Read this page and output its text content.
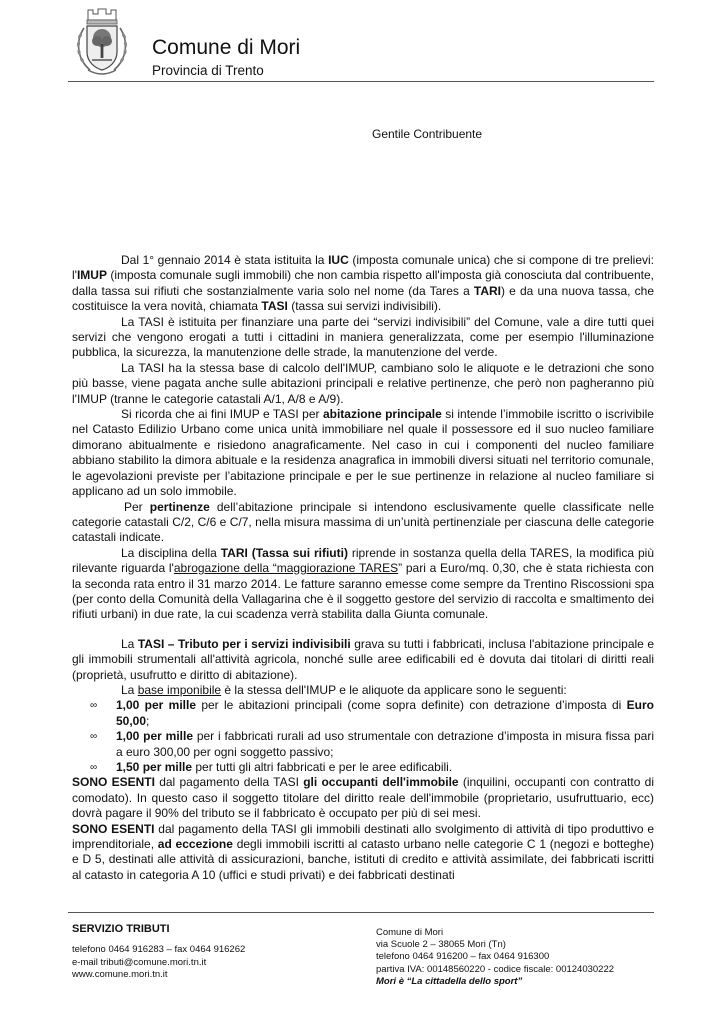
Comune di Mori
Provincia di Trento
Gentile Contribuente

Dal 1° gennaio 2014 è stata istituita la IUC (imposta comunale unica) che si compone di tre prelievi: l'IMUP (imposta comunale sugli immobili) che non cambia rispetto all'imposta già conosciuta dal contribuente, dalla tassa sui rifiuti che sostanzialmente varia solo nel nome (da Tares a TARI) e da una nuova tassa, che costituisce la vera novità, chiamata TASI (tassa sui servizi indivisibili).

La TASI è istituita per finanziare una parte dei “servizi indivisibili” del Comune, vale a dire tutti quei servizi che vengono erogati a tutti i cittadini in maniera generalizzata, come per esempio l'illuminazione pubblica, la sicurezza, la manutenzione delle strade, la manutenzione del verde.

La TASI ha la stessa base di calcolo dell'IMUP, cambiano solo le aliquote e le detrazioni che sono più basse, viene pagata anche sulle abitazioni principali e relative pertinenze, che però non pagheranno più l'IMUP (tranne le categorie catastali A/1, A/8 e A/9).

Si ricorda che ai fini IMUP e TASI per abitazione principale si intende l’immobile iscritto o iscrivibile nel Catasto Edilizio Urbano come unica unità immobiliare nel quale il possessore ed il suo nucleo familiare dimorano abitualmente e risiedono anagraficamente. Nel caso in cui i componenti del nucleo familiare abbiano stabilito la dimora abituale e la residenza anagrafica in immobili diversi situati nel territorio comunale, le agevolazioni previste per l’abitazione principale e per le sue pertinenze in relazione al nucleo familiare si applicano ad un solo immobile.

Per pertinenze dell’abitazione principale si intendono esclusivamente quelle classificate nelle categorie catastali C/2, C/6 e C/7, nella misura massima di un’unità pertinenziale per ciascuna delle categorie catastali indicate.

La disciplina della TARI (Tassa sui rifiuti) riprende in sostanza quella della TARES, la modifica più rilevante riguarda l'abrogazione della “maggiorazione TARES” pari a Euro/mq. 0,30, che è stata richiesta con la seconda rata entro il 31 marzo 2014. Le fatture saranno emesse come sempre da Trentino Riscossioni spa (per conto della Comunità della Vallagarina che è il soggetto gestore del servizio di raccolta e smaltimento dei rifiuti urbani) in due rate, la cui scadenza verrà stabilita dalla Giunta comunale.

La TASI – Tributo per i servizi indivisibili grava su tutti i fabbricati, inclusa l'abitazione principale e gli immobili strumentali all'attività agricola, nonché sulle aree edificabili ed è dovuta dai titolari di diritti reali (proprietà, usufrutto e diritto di abitazione).

La base imponibile è la stessa dell'IMUP e le aliquote da applicare sono le seguenti:

∞ 1,00 per mille per le abitazioni principali (come sopra definite) con detrazione d’imposta di Euro 50,00;

∞ 1,00 per mille per i fabbricati rurali ad uso strumentale con detrazione d’imposta in misura fissa pari a euro 300,00 per ogni soggetto passivo;

∞ 1,50 per mille per tutti gli altri fabbricati e per le aree edificabili.

SONO ESENTI dal pagamento della TASI gli occupanti dell'immobile (inquilini, occupanti con contratto di comodato). In questo caso il soggetto titolare del diritto reale dell'immobile (proprietario, usufruttuario, ecc) dovrà pagare il 90% del tributo se il fabbricato è occupato per più di sei mesi.

SONO ESENTI dal pagamento della TASI gli immobili destinati allo svolgimento di attività di tipo produttivo e imprenditoriale, ad eccezione degli immobili iscritti al catasto urbano nelle categorie C 1 (negozi e botteghe) e D 5, destinati alle attività di assicurazioni, banche, istituti di credito e attività assimilate, dei fabbricati iscritti al catasto in categoria A 10 (uffici e studi privati) e dei fabbricati destinati

SERVIZIO TRIBUTI
telefono 0464 916283 – fax 0464 916262
e-mail tributi@comune.mori.tn.it
www.comune.mori.tn.it
Comune di Mori
via Scuole 2 – 38065 Mori (Tn)
telefono 0464 916200 – fax 0464 916300
partiva IVA: 00148560220 - codice fiscale: 00124030222
Mori è “La cittadella dello sport”
